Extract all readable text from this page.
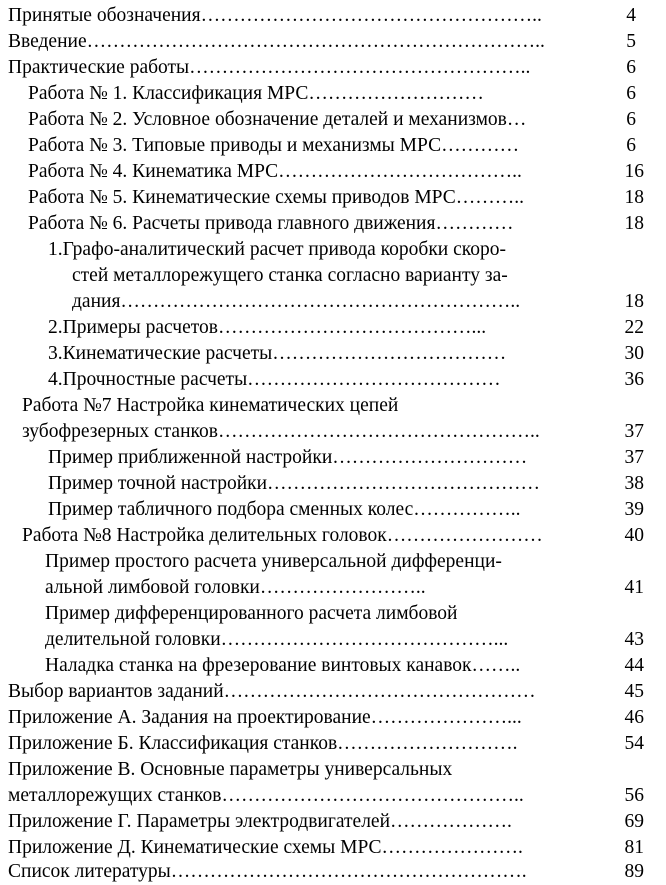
Принятые обозначения……………………………………………..	4
Введение……………………………………………………………..	5
Практические работы……………………………………………..	6
Работа № 1. Классификация МРС………………………	6
Работа № 2. Условное обозначение деталей и механизмов…	6
Работа № 3. Типовые приводы и механизмы МРС…………	6
Работа № 4. Кинематика МРС………………………………..	16
Работа № 5. Кинематические схемы приводов МРС………..	18
Работа № 6. Расчеты привода главного движения…………	18
1.Графо-аналитический расчет привода коробки скоро-
стей металлорежущего станка согласно варианту за-
дания……………………………………………………..	18
2.Примеры расчетов…………………………………...	22
3.Кинематические расчеты………………………………	30
4.Прочностные расчеты…………………………………	36
Работа №7 Настройка кинематических цепей
зубофрезерных станков…………………………………………..	37
Пример приближенной настройки…………………………	37
Пример точной настройки……………………………………	38
Пример табличного подбора сменных колес……………..	39
Работа №8 Настройка делительных головок……………………	40
Пример простого расчета универсальной дифференци-
альной лимбовой головки……………………..	41
Пример дифференцированного расчета лимбовой
делительной головки……………………………………...	43
Наладка станка на фрезерование винтовых канавок……..	44
Выбор вариантов заданий…………………………………………	45
Приложение А. Задания на проектирование…………………...	46
Приложение Б. Классификация станков……………………….	54
Приложение В. Основные параметры универсальных
металлорежущих станков………………………………………..	56
Приложение Г. Параметры электродвигателей……………….	69
Приложение Д. Кинематические схемы МРС………………….	81
Список литературы……………………………………………….	89
